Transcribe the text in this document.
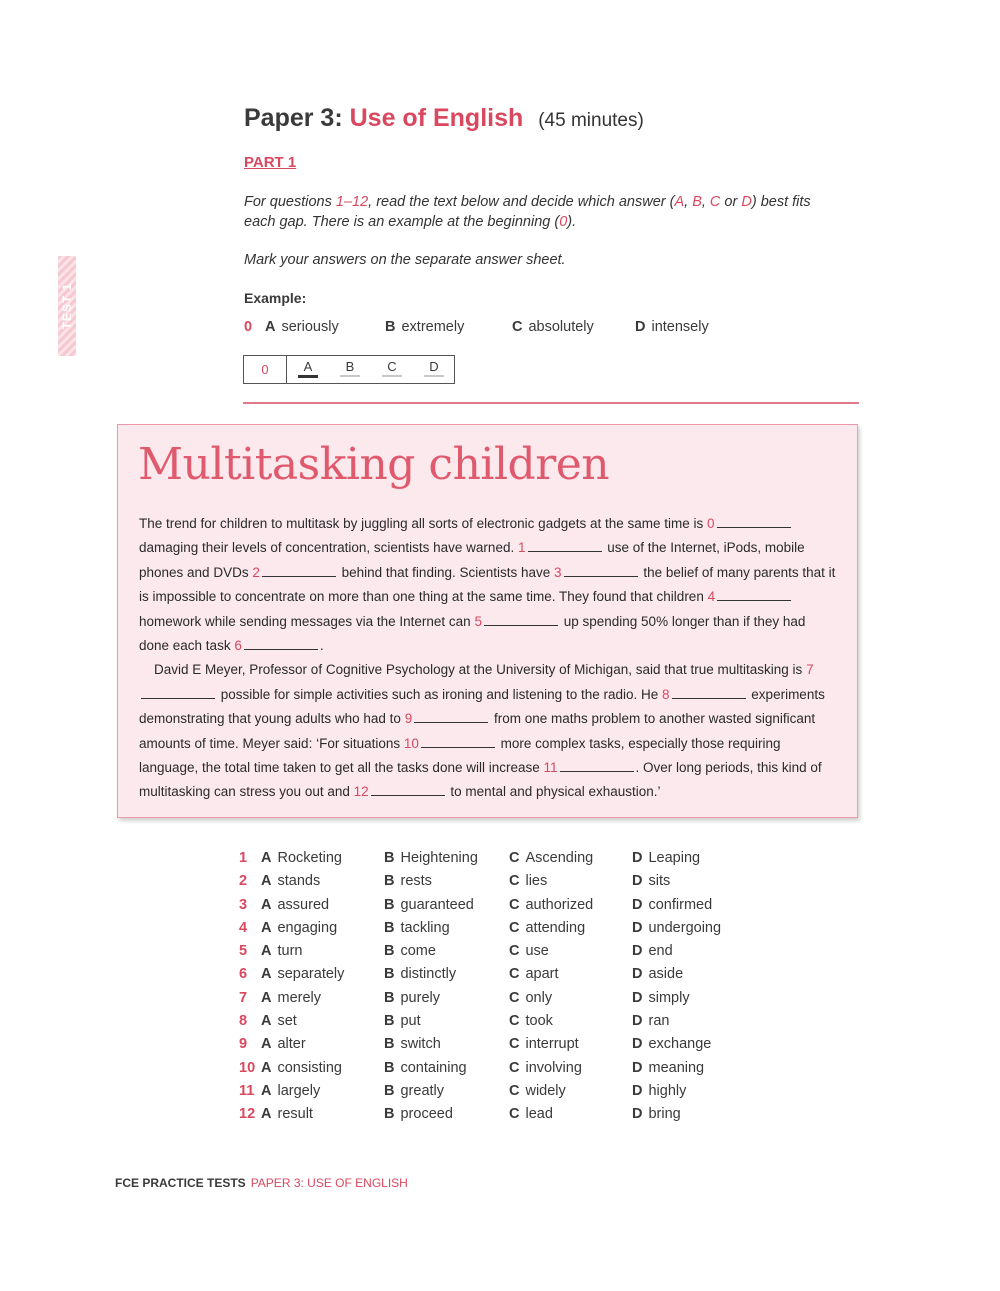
TEST 1
Paper 3: Use of English (45 minutes)
PART 1
For questions 1–12, read the text below and decide which answer (A, B, C or D) best fits each gap. There is an example at the beginning (0).
Mark your answers on the separate answer sheet.
Example:
0 A seriously	B extremely	C absolutely	D intensely
0	A	B	C	D
Multitasking children

The trend for children to multitask by juggling all sorts of electronic gadgets at the same time is 0 damaging their levels of concentration, scientists have warned. 1	use of the Internet, iPods, mobile phones and DVDs 2	behind that finding. Scientists have 3	the belief of many parents that it is impossible to concentrate on more than one thing at the same time. They found that children 4 homework while sending messages via the Internet can 5	up spending 50% longer than if they had done each task 6	.

David E Meyer, Professor of Cognitive Psychology at the University of Michigan, said that true multitasking is 7 possible for simple activities such as ironing and listening to the radio. He 8	experiments demonstrating that young adults who had to 9	from one maths problem to another wasted significant amounts of time. Meyer said: ‘For situations 10	more complex tasks, especially those requiring language, the total time taken to get all the tasks done will increase 11	. Over long periods, this kind of multitasking can stress you out and 12	to mental and physical exhaustion.’

1 A Rocketing	B Heightening C Ascending	D Leaping
2 A stands	B rests	C lies	D sits
3 A assured	B guaranteed C authorized	D confirmed
4 A engaging	B tackling	C attending	D undergoing
5 A turn	B come	C use	D end
6 A separately	B distinctly	C apart	D aside
7 A merely	B purely	C only	D simply
8 A set	B put	C took	D ran
9 A alter	B switch	C interrupt	D exchange
10 A consisting	B containing	C involving	D meaning
11 A largely	B greatly	C widely	D highly
12 A result	B proceed	C lead	D bring
FCE PRACTICE TESTS PAPER 3: USE OF ENGLISH
